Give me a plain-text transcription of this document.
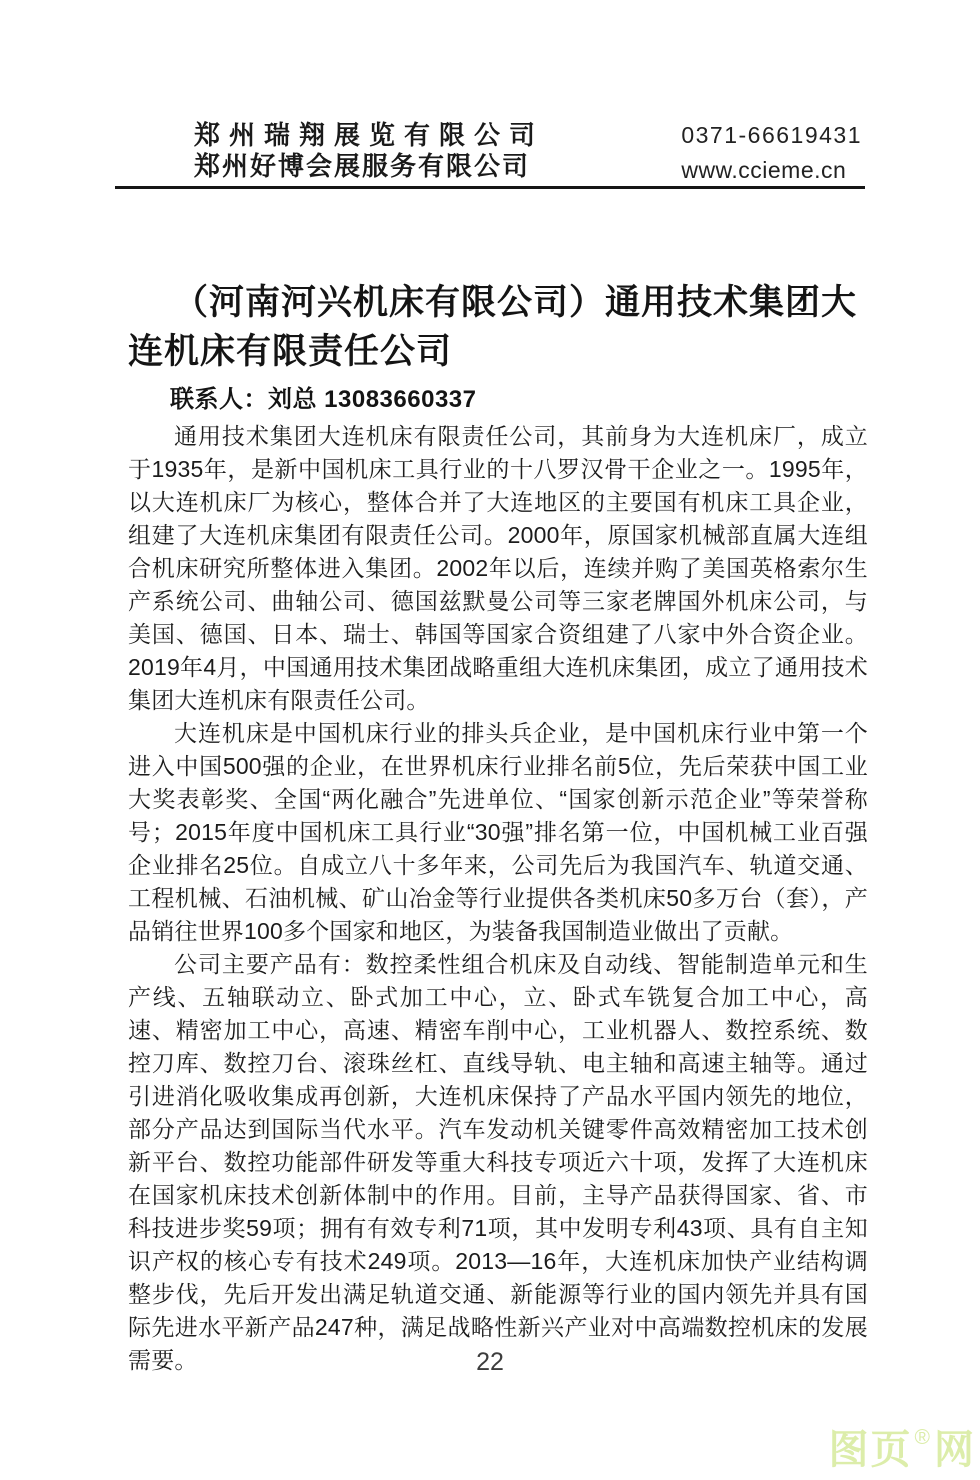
郑州瑞翔展览有限公司
郑州好博会展服务有限公司
0371-66619431
www.ccieme.cn
（河南河兴机床有限公司）通用技术集团大连机床有限责任公司

联系人：刘总 13083660337

通用技术集团大连机床有限责任公司，其前身为大连机床厂，成立于1935年，是新中国机床工具行业的十八罗汉骨干企业之一。1995年，以大连机床厂为核心，整体合并了大连地区的主要国有机床工具企业，组建了大连机床集团有限责任公司。2000年，原国家机械部直属大连组合机床研究所整体进入集团。2002年以后，连续并购了美国英格索尔生产系统公司、曲轴公司、德国兹默曼公司等三家老牌国外机床公司，与美国、德国、日本、瑞士、韩国等国家合资组建了八家中外合资企业。2019年4月，中国通用技术集团战略重组大连机床集团，成立了通用技术集团大连机床有限责任公司。

大连机床是中国机床行业的排头兵企业，是中国机床行业中第一个进入中国500强的企业，在世界机床行业排名前5位，先后荣获中国工业大奖表彰奖、全国“两化融合”先进单位、“国家创新示范企业”等荣誉称号；2015年度中国机床工具行业“30强”排名第一位，中国机械工业百强企业排名25位。自成立八十多年来，公司先后为我国汽车、轨道交通、工程机械、石油机械、矿山冶金等行业提供各类机床50多万台（套），产品销往世界100多个国家和地区，为装备我国制造业做出了贡献。

公司主要产品有：数控柔性组合机床及自动线、智能制造单元和生产线、五轴联动立、卧式加工中心，立、卧式车铣复合加工中心，高速、精密加工中心，高速、精密车削中心，工业机器人、数控系统、数控刀库、数控刀台、滚珠丝杠、直线导轨、电主轴和高速主轴等。通过引进消化吸收集成再创新，大连机床保持了产品水平国内领先的地位，部分产品达到国际当代水平。汽车发动机关键零件高效精密加工技术创新平台、数控功能部件研发等重大科技专项近六十项，发挥了大连机床在国家机床技术创新体制中的作用。目前，主导产品获得国家、省、市科技进步奖59项；拥有有效专利71项，其中发明专利43项、具有自主知识产权的核心专有技术249项。2013—16年，大连机床加快产业结构调整步伐，先后开发出满足轨道交通、新能源等行业的国内领先并具有国际先进水平新产品247种，满足战略性新兴产业对中高端数控机床的发展需要。	22
图页®网
